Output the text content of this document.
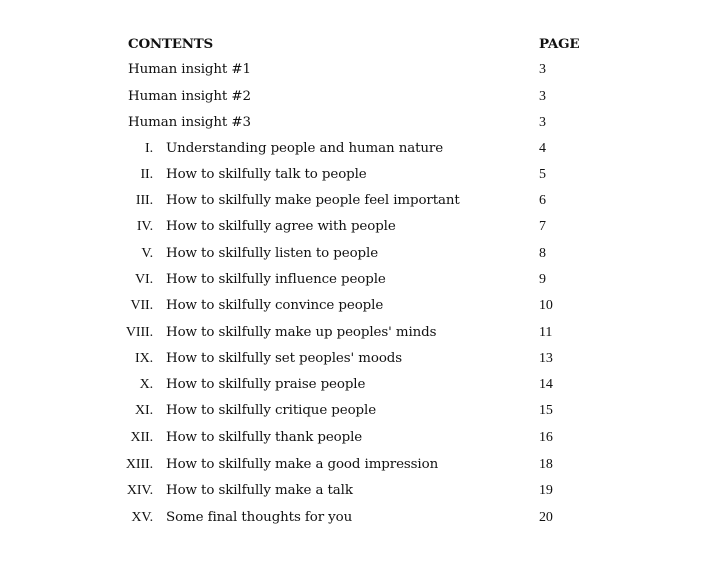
CONTENTS	PAGE
Human insight #1	3
Human insight #2	3
Human insight #3	3
I. Understanding people and human nature	4
II. How to skilfully talk to people	5
III. How to skilfully make people feel important	6
IV. How to skilfully agree with people	7
V. How to skilfully listen to people	8
VI. How to skilfully influence people	9
VII. How to skilfully convince people	10
VIII. How to skilfully make up peoples' minds	11
IX. How to skilfully set peoples' moods	13
X. How to skilfully praise people	14
XI. How to skilfully critique people	15
XII. How to skilfully thank people	16
XIII. How to skilfully make a good impression	18
XIV. How to skilfully make a talk	19
XV. Some final thoughts for you	20
